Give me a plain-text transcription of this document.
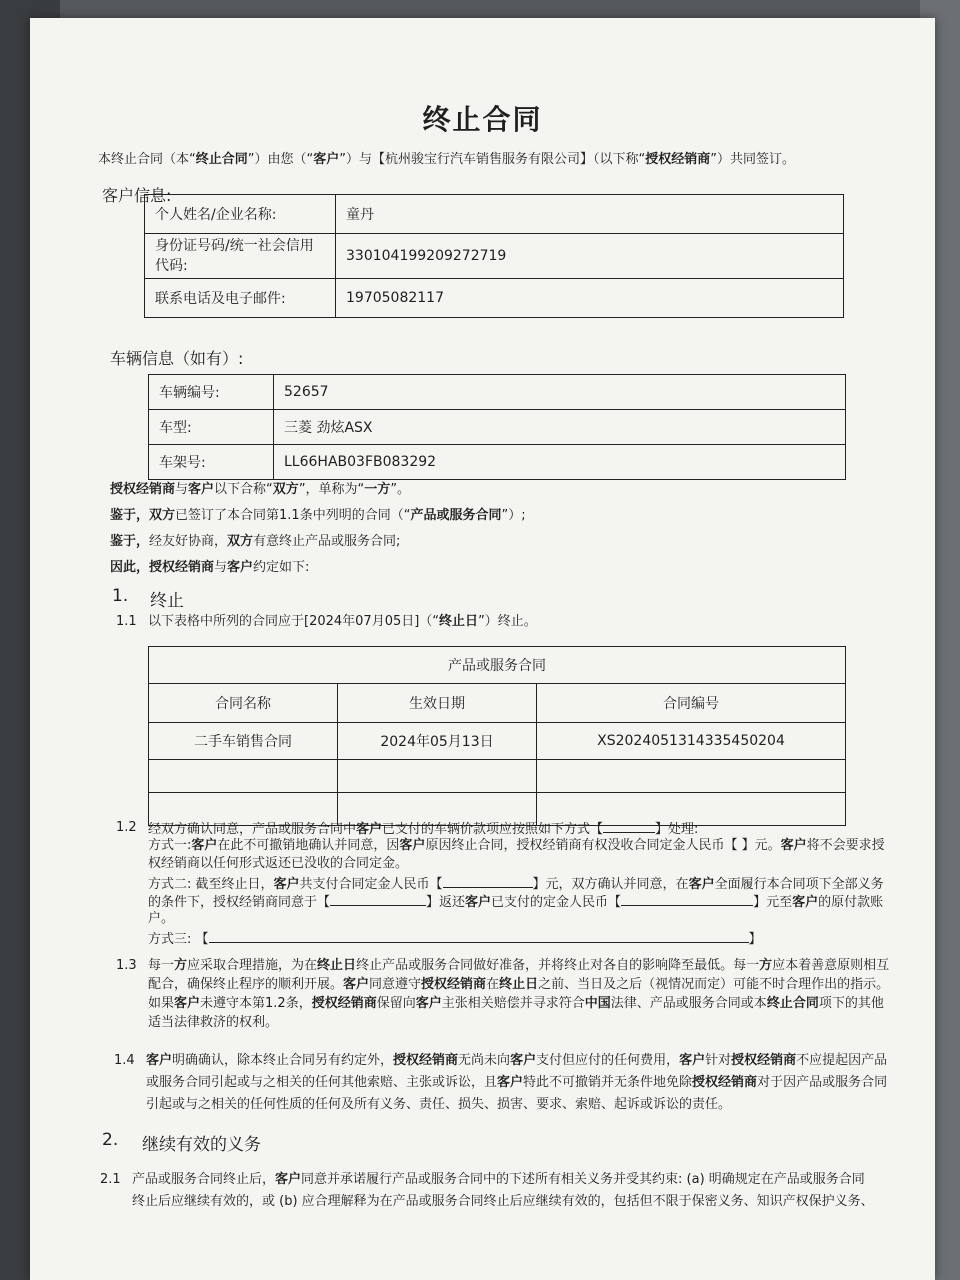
终止合同
本终止合同（本“终止合同”）由您（“客户”）与【杭州骏宝行汽车销售服务有限公司】（以下称“授权经销商”）共同签订。
客户信息:
个人姓名/企业名称:	童丹
身份证号码/统一社会信用代码:	330104199209272719
联系电话及电子邮件:	19705082117
车辆信息（如有）:
车辆编号:	52657
车型:	三菱 劲炫ASX
车架号:	LL66HAB03FB083292
授权经销商与客户以下合称“双方”，单称为“一方”。
鉴于，双方已签订了本合同第1.1条中列明的合同（“产品或服务合同”）;
鉴于，经友好协商，双方有意终止产品或服务合同;
因此，授权经销商与客户约定如下:
1. 终止
1.1 以下表格中所列的合同应于[2024年07月05日]（“终止日”）终止。
产品或服务合同		
合同名称	生效日期	合同编号
二手车销售合同	2024年05月13日	XS2024051314335450204

1.2 经双方确认同意，产品或服务合同中客户已支付的车辆价款项应按照如下方式【	】处理:
方式一:客户在此不可撤销地确认并同意，因客户原因终止合同，授权经销商有权没收合同定金人民币【 】元。客户将不会要求授
权经销商以任何形式返还已没收的合同定金。
方式二: 截至终止日，客户共支付合同定金人民币【	】元，双方确认并同意，在客户全面履行本合同项下全部义务
的条件下，授权经销商同意于【	】返还客户已支付的定金人民币【	】元至客户的原付款账
户。
方式三: 【	】
1.3 每一方应采取合理措施，为在终止日终止产品或服务合同做好准备，并将终止对各自的影响降至最低。每一方应本着善意原则相互
配合，确保终止程序的顺利开展。客户同意遵守授权经销商在终止日之前、当日及之后（视情况而定）可能不时合理作出的指示。
如果客户未遵守本第1.2条，授权经销商保留向客户主张相关赔偿并寻求符合中国法律、产品或服务合同或本终止合同项下的其他
适当法律救济的权利。
1.4 客户明确确认，除本终止合同另有约定外，授权经销商无尚未向客户支付但应付的任何费用，客户针对授权经销商不应提起因产品
或服务合同引起或与之相关的任何其他索赔、主张或诉讼，且客户特此不可撤销并无条件地免除授权经销商对于因产品或服务合同
引起或与之相关的任何性质的任何及所有义务、责任、损失、损害、要求、索赔、起诉或诉讼的责任。
2. 继续有效的义务
2.1 产品或服务合同终止后，客户同意并承诺履行产品或服务合同中的下述所有相关义务并受其约束: (a) 明确规定在产品或服务合同
终止后应继续有效的，或 (b) 应合理解释为在产品或服务合同终止后应继续有效的，包括但不限于保密义务、知识产权保护义务、
